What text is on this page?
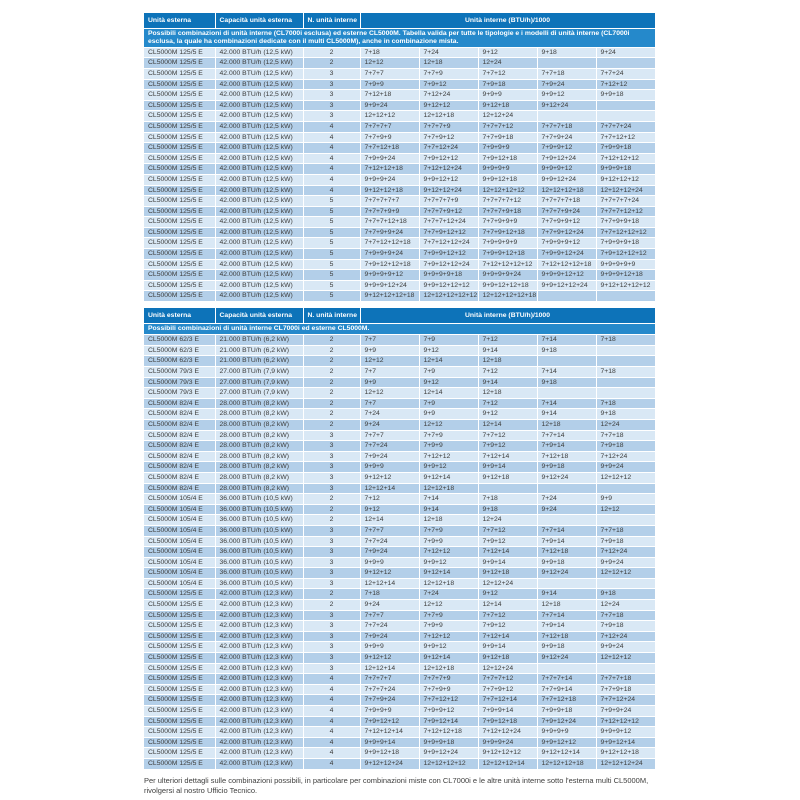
Unità esterna	Capacità unità esterna	N. unità interne	Unità interne (BTU/h)/1000				
Possibili combinazioni di unità interne (CL7000i esclusa) ed esterne CL5000M. Tabella valida per tutte le tipologie e i modelli di unità interne (CL7000i esclusa, la quale ha combinazioni dedicate con il multi CL5000M), anche in combinazione mista.							
CL5000M 125/5 E	42.000 BTU/h (12,5 kW)	2	7+18	7+24	9+12	9+18	9+24
CL5000M 125/5 E	42.000 BTU/h (12,5 kW)	2	12+12	12+18	12+24		
CL5000M 125/5 E	42.000 BTU/h (12,5 kW)	3	7+7+7	7+7+9	7+7+12	7+7+18	7+7+24
CL5000M 125/5 E	42.000 BTU/h (12,5 kW)	3	7+9+9	7+9+12	7+9+18	7+9+24	7+12+12
CL5000M 125/5 E	42.000 BTU/h (12,5 kW)	3	7+12+18	7+12+24	9+9+9	9+9+12	9+9+18
CL5000M 125/5 E	42.000 BTU/h (12,5 kW)	3	9+9+24	9+12+12	9+12+18	9+12+24	
CL5000M 125/5 E	42.000 BTU/h (12,5 kW)	3	12+12+12	12+12+18	12+12+24		
CL5000M 125/5 E	42.000 BTU/h (12,5 kW)	4	7+7+7+7	7+7+7+9	7+7+7+12	7+7+7+18	7+7+7+24
CL5000M 125/5 E	42.000 BTU/h (12,5 kW)	4	7+7+9+9	7+7+9+12	7+7+9+18	7+7+9+24	7+7+12+12
CL5000M 125/5 E	42.000 BTU/h (12,5 kW)	4	7+7+12+18	7+7+12+24	7+9+9+9	7+9+9+12	7+9+9+18
CL5000M 125/5 E	42.000 BTU/h (12,5 kW)	4	7+9+9+24	7+9+12+12	7+9+12+18	7+9+12+24	7+12+12+12
CL5000M 125/5 E	42.000 BTU/h (12,5 kW)	4	7+12+12+18	7+12+12+24	9+9+9+9	9+9+9+12	9+9+9+18
CL5000M 125/5 E	42.000 BTU/h (12,5 kW)	4	9+9+9+24	9+9+12+12	9+9+12+18	9+9+12+24	9+12+12+12
CL5000M 125/5 E	42.000 BTU/h (12,5 kW)	4	9+12+12+18	9+12+12+24	12+12+12+12	12+12+12+18	12+12+12+24
CL5000M 125/5 E	42.000 BTU/h (12,5 kW)	5	7+7+7+7+7	7+7+7+7+9	7+7+7+7+12	7+7+7+7+18	7+7+7+7+24
CL5000M 125/5 E	42.000 BTU/h (12,5 kW)	5	7+7+7+9+9	7+7+7+9+12	7+7+7+9+18	7+7+7+9+24	7+7+7+12+12
CL5000M 125/5 E	42.000 BTU/h (12,5 kW)	5	7+7+7+12+18	7+7+7+12+24	7+7+9+9+9	7+7+9+9+12	7+7+9+9+18
CL5000M 125/5 E	42.000 BTU/h (12,5 kW)	5	7+7+9+9+24	7+7+9+12+12	7+7+9+12+18	7+7+9+12+24	7+7+12+12+12
CL5000M 125/5 E	42.000 BTU/h (12,5 kW)	5	7+7+12+12+18	7+7+12+12+24	7+9+9+9+9	7+9+9+9+12	7+9+9+9+18
CL5000M 125/5 E	42.000 BTU/h (12,5 kW)	5	7+9+9+9+24	7+9+9+12+12	7+9+9+12+18	7+9+9+12+24	7+9+12+12+12
CL5000M 125/5 E	42.000 BTU/h (12,5 kW)	5	7+9+12+12+18	7+9+12+12+24	7+12+12+12+12	7+12+12+12+18	9+9+9+9+9
CL5000M 125/5 E	42.000 BTU/h (12,5 kW)	5	9+9+9+9+12	9+9+9+9+18	9+9+9+9+24	9+9+9+12+12	9+9+9+12+18
CL5000M 125/5 E	42.000 BTU/h (12,5 kW)	5	9+9+9+12+24	9+9+12+12+12	9+9+12+12+18	9+9+12+12+24	9+12+12+12+12
CL5000M 125/5 E	42.000 BTU/h (12,5 kW)	5	9+12+12+12+18	12+12+12+12+12	12+12+12+12+18		
Unità esterna	Capacità unità esterna	N. unità interne	Unità interne (BTU/h)/1000				
Possibili combinazioni di unità interne CL7000i ed esterne CL5000M.							
CL5000M 62/3 E	21.000 BTU/h (6,2 kW)	2	7+7	7+9	7+12	7+14	7+18
CL5000M 62/3 E	21.000 BTU/h (6,2 kW)	2	9+9	9+12	9+14	9+18	
CL5000M 62/3 E	21.000 BTU/h (6,2 kW)	2	12+12	12+14	12+18		
CL5000M 79/3 E	27.000 BTU/h (7,9 kW)	2	7+7	7+9	7+12	7+14	7+18
CL5000M 79/3 E	27.000 BTU/h (7,9 kW)	2	9+9	9+12	9+14	9+18	
CL5000M 79/3 E	27.000 BTU/h (7,9 kW)	2	12+12	12+14	12+18		
CL5000M 82/4 E	28.000 BTU/h (8,2 kW)	2	7+7	7+9	7+12	7+14	7+18
CL5000M 82/4 E	28.000 BTU/h (8,2 kW)	2	7+24	9+9	9+12	9+14	9+18
CL5000M 82/4 E	28.000 BTU/h (8,2 kW)	2	9+24	12+12	12+14	12+18	12+24
CL5000M 82/4 E	28.000 BTU/h (8,2 kW)	3	7+7+7	7+7+9	7+7+12	7+7+14	7+7+18
CL5000M 82/4 E	28.000 BTU/h (8,2 kW)	3	7+7+24	7+9+9	7+9+12	7+9+14	7+9+18
CL5000M 82/4 E	28.000 BTU/h (8,2 kW)	3	7+9+24	7+12+12	7+12+14	7+12+18	7+12+24
CL5000M 82/4 E	28.000 BTU/h (8,2 kW)	3	9+9+9	9+9+12	9+9+14	9+9+18	9+9+24
CL5000M 82/4 E	28.000 BTU/h (8,2 kW)	3	9+12+12	9+12+14	9+12+18	9+12+24	12+12+12
CL5000M 82/4 E	28.000 BTU/h (8,2 kW)	3	12+12+14	12+12+18			
CL5000M 105/4 E	36.000 BTU/h (10,5 kW)	2	7+12	7+14	7+18	7+24	9+9
CL5000M 105/4 E	36.000 BTU/h (10,5 kW)	2	9+12	9+14	9+18	9+24	12+12
CL5000M 105/4 E	36.000 BTU/h (10,5 kW)	2	12+14	12+18	12+24		
CL5000M 105/4 E	36.000 BTU/h (10,5 kW)	3	7+7+7	7+7+9	7+7+12	7+7+14	7+7+18
CL5000M 105/4 E	36.000 BTU/h (10,5 kW)	3	7+7+24	7+9+9	7+9+12	7+9+14	7+9+18
CL5000M 105/4 E	36.000 BTU/h (10,5 kW)	3	7+9+24	7+12+12	7+12+14	7+12+18	7+12+24
CL5000M 105/4 E	36.000 BTU/h (10,5 kW)	3	9+9+9	9+9+12	9+9+14	9+9+18	9+9+24
CL5000M 105/4 E	36.000 BTU/h (10,5 kW)	3	9+12+12	9+12+14	9+12+18	9+12+24	12+12+12
CL5000M 105/4 E	36.000 BTU/h (10,5 kW)	3	12+12+14	12+12+18	12+12+24		
CL5000M 125/5 E	42.000 BTU/h (12,3 kW)	2	7+18	7+24	9+12	9+14	9+18
CL5000M 125/5 E	42.000 BTU/h (12,3 kW)	2	9+24	12+12	12+14	12+18	12+24
CL5000M 125/5 E	42.000 BTU/h (12,3 kW)	3	7+7+7	7+7+9	7+7+12	7+7+14	7+7+18
CL5000M 125/5 E	42.000 BTU/h (12,3 kW)	3	7+7+24	7+9+9	7+9+12	7+9+14	7+9+18
CL5000M 125/5 E	42.000 BTU/h (12,3 kW)	3	7+9+24	7+12+12	7+12+14	7+12+18	7+12+24
CL5000M 125/5 E	42.000 BTU/h (12,3 kW)	3	9+9+9	9+9+12	9+9+14	9+9+18	9+9+24
CL5000M 125/5 E	42.000 BTU/h (12,3 kW)	3	9+12+12	9+12+14	9+12+18	9+12+24	12+12+12
CL5000M 125/5 E	42.000 BTU/h (12,3 kW)	3	12+12+14	12+12+18	12+12+24		
CL5000M 125/5 E	42.000 BTU/h (12,3 kW)	4	7+7+7+7	7+7+7+9	7+7+7+12	7+7+7+14	7+7+7+18
CL5000M 125/5 E	42.000 BTU/h (12,3 kW)	4	7+7+7+24	7+7+9+9	7+7+9+12	7+7+9+14	7+7+9+18
CL5000M 125/5 E	42.000 BTU/h (12,3 kW)	4	7+7+9+24	7+7+12+12	7+7+12+14	7+7+12+18	7+7+12+24
CL5000M 125/5 E	42.000 BTU/h (12,3 kW)	4	7+9+9+9	7+9+9+12	7+9+9+14	7+9+9+18	7+9+9+24
CL5000M 125/5 E	42.000 BTU/h (12,3 kW)	4	7+9+12+12	7+9+12+14	7+9+12+18	7+9+12+24	7+12+12+12
CL5000M 125/5 E	42.000 BTU/h (12,3 kW)	4	7+12+12+14	7+12+12+18	7+12+12+24	9+9+9+9	9+9+9+12
CL5000M 125/5 E	42.000 BTU/h (12,3 kW)	4	9+9+9+14	9+9+9+18	9+9+9+24	9+9+12+12	9+9+12+14
CL5000M 125/5 E	42.000 BTU/h (12,3 kW)	4	9+9+12+18	9+9+12+24	9+12+12+12	9+12+12+14	9+12+12+18
CL5000M 125/5 E	42.000 BTU/h (12,3 kW)	4	9+12+12+24	12+12+12+12	12+12+12+14	12+12+12+18	12+12+12+24

Per ulteriori dettagli sulle combinazioni possibili, in particolare per combinazioni miste con CL7000i e le altre unità interne sotto l'esterna multi CL5000M, rivolgersi al nostro Ufficio Tecnico.
